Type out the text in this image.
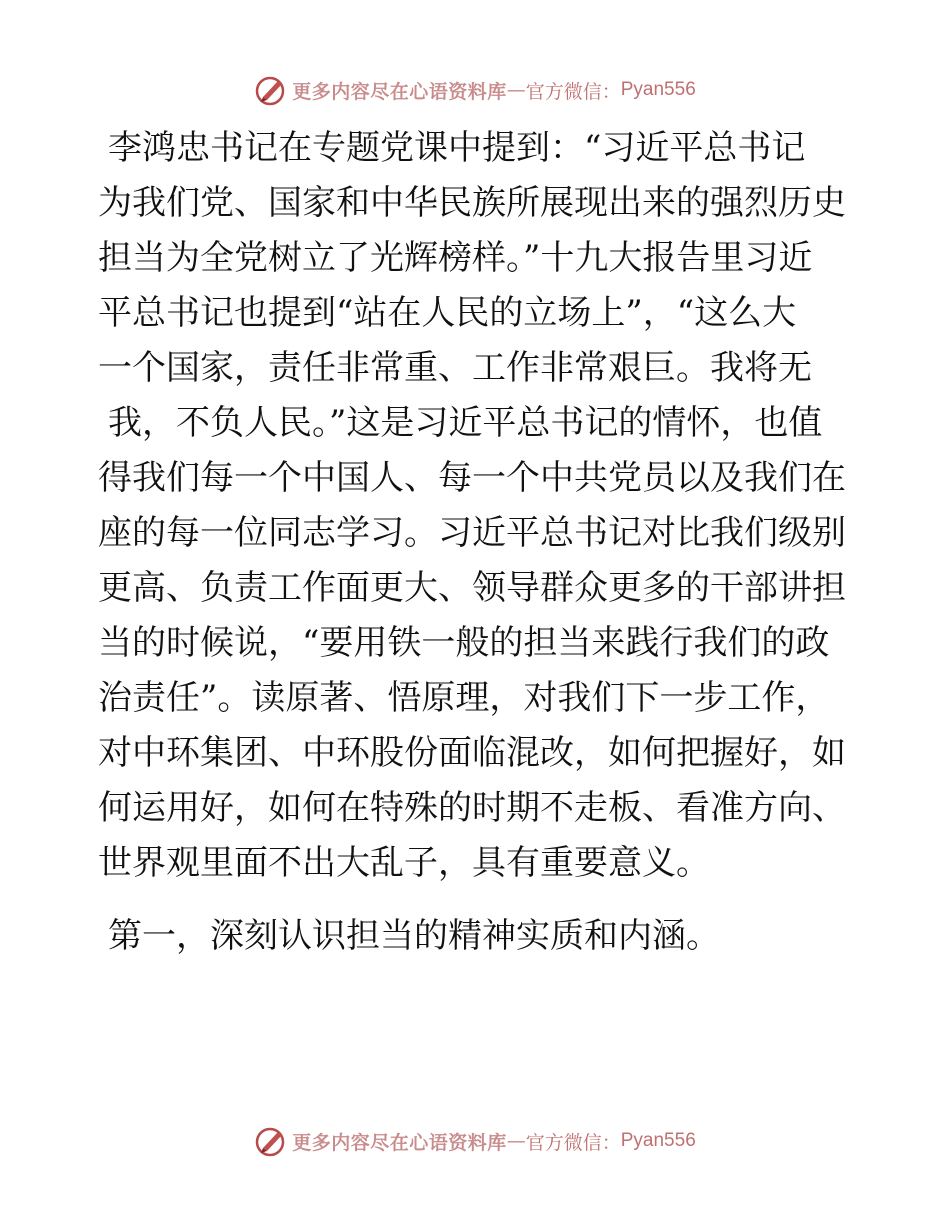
更多内容尽在心语资料库 — 官方微信： Pyan556
李鸿忠书记在专题党课中提到：“习近平总书记
为我们党、国家和中华民族所展现出来的强烈历史
担当为全党树立了光辉榜样。”十九大报告里习近
平总书记也提到“站在人民的立场上”，“这么大
一个国家，责任非常重、工作非常艰巨。我将无
我，不负人民。”这是习近平总书记的情怀，也值
得我们每一个中国人、每一个中共党员以及我们在
座的每一位同志学习。习近平总书记对比我们级别
更高、负责工作面更大、领导群众更多的干部讲担
当的时候说，“要用铁一般的担当来践行我们的政
治责任”。读原著、悟原理，对我们下一步工作，
对中环集团、中环股份面临混改，如何把握好，如
何运用好，如何在特殊的时期不走板、看准方向、
世界观里面不出大乱子，具有重要意义。
第一，深刻认识担当的精神实质和内涵。
更多内容尽在心语资料库 — 官方微信： Pyan556
